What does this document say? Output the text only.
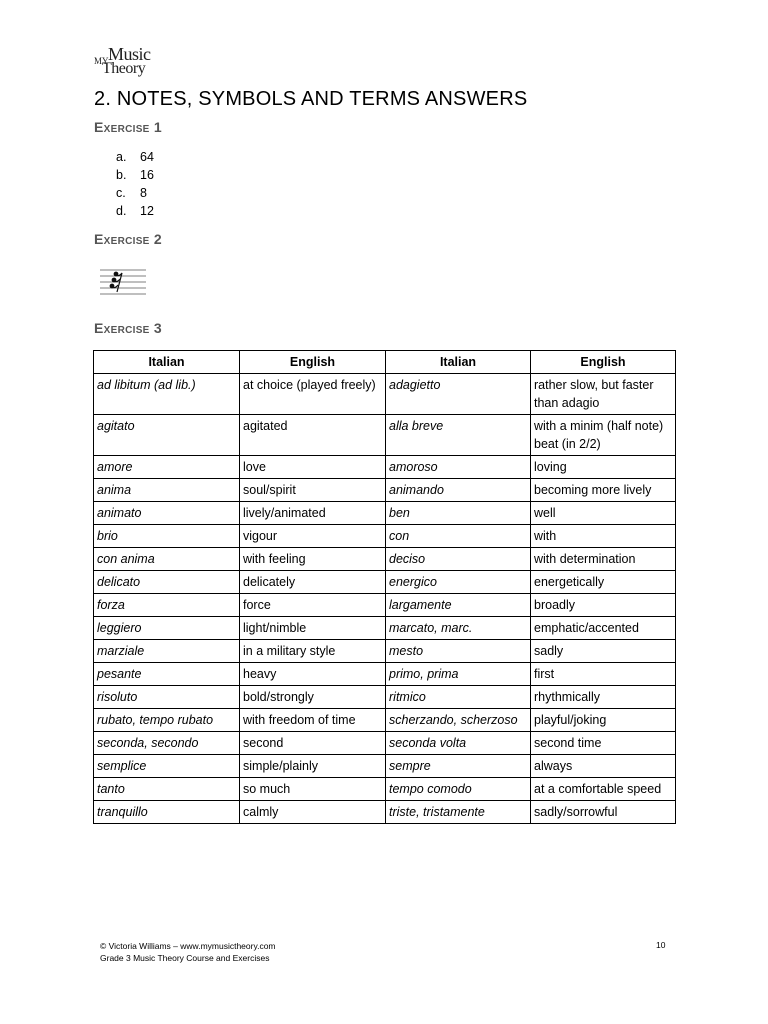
MY Music
Theory
2. NOTES, SYMBOLS AND TERMS ANSWERS
Exercise 1
a.	64
b.	16
c.	8
d.	12
Exercise 2
Exercise 3
Italian	English	Italian	English
ad libitum (ad lib.)	at choice (played freely)	adagietto	rather slow, but faster than adagio
agitato	agitated	alla breve	with a minim (half note) beat (in 2/2)
amore	love	amoroso	loving
anima	soul/spirit	animando	becoming more lively
animato	lively/animated	ben	well
brio	vigour	con	with
con anima	with feeling	deciso	with determination
delicato	delicately	energico	energetically
forza	force	largamente	broadly
leggiero	light/nimble	marcato, marc.	emphatic/accented
marziale	in a military style	mesto	sadly
pesante	heavy	primo, prima	first
risoluto	bold/strongly	ritmico	rhythmically
rubato, tempo rubato	with freedom of time	scherzando, scherzoso	playful/joking
seconda, secondo	second	seconda volta	second time
semplice	simple/plainly	sempre	always
tanto	so much	tempo comodo	at a comfortable speed
tranquillo	calmly	triste, tristamente	sadly/sorrowful
© Victoria Williams – www.mymusictheory.com
Grade 3 Music Theory Course and Exercises
10
